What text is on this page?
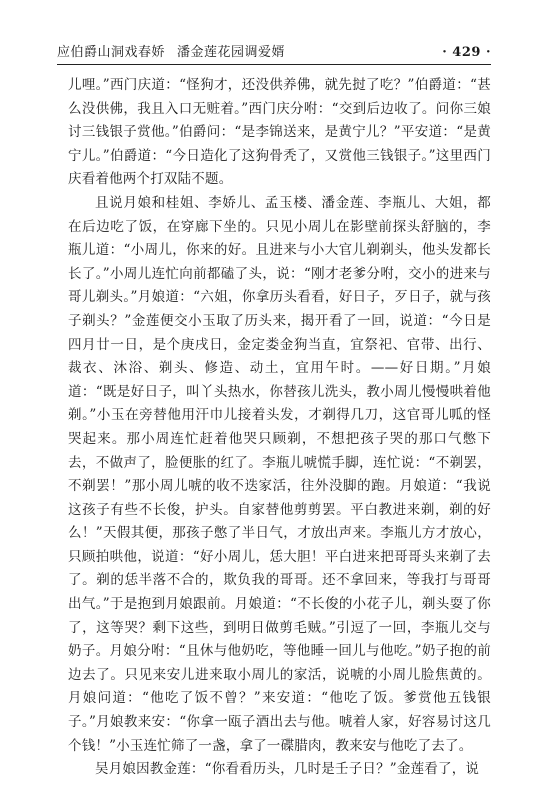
应伯爵山洞戏春娇 潘金莲花园调爱婿	· 429 ·

儿哩。”西门庆道：“怪狗才，还没供养佛，就先挝了吃？”伯爵道：“甚么没供佛，我且入口无赃着。”西门庆分咐：“交到后边收了。问你三娘讨三钱银子赏他。”伯爵问：“是李锦送来，是黄宁儿？”平安道：“是黄宁儿。”伯爵道：“今日造化了这狗骨秃了，又赏他三钱银子。”这里西门庆看着他两个打双陆不题。

且说月娘和桂姐、李娇儿、孟玉楼、潘金莲、李瓶儿、大姐，都在后边吃了饭，在穿廊下坐的。只见小周儿在影壁前探头舒脑的，李瓶儿道：“小周儿，你来的好。且进来与小大官儿剃剃头，他头发都长长了。”小周儿连忙向前都磕了头，说：“刚才老爹分咐，交小的进来与哥儿剃头。”月娘道：“六姐，你拿历头看看，好日子，歹日子，就与孩子剃头？”金莲便交小玉取了历头来，揭开看了一回，说道：“今日是四月廿一日，是个庚戌日，金定娄金狗当直，宜祭祀、官带、出行、裁衣、沐浴、剃头、修造、动土，宜用午时。——好日期。”月娘道：“既是好日子，叫丫头热水，你替孩儿洗头，教小周儿慢慢哄着他剃。”小玉在旁替他用汗巾儿接着头发，才剃得几刀，这官哥儿呱的怪哭起来。那小周连忙赶着他哭只顾剃，不想把孩子哭的那口气憋下去，不做声了，脸便胀的红了。李瓶儿唬慌手脚，连忙说：“不剃罢，不剃罢！”那小周儿唬的收不迭家活，往外没脚的跑。月娘道：“我说这孩子有些不长俊，护头。自家替他剪剪罢。平白教进来剃，剃的好么！”天假其便，那孩子憋了半日气，才放出声来。李瓶儿方才放心，只顾拍哄他，说道：“好小周儿，恁大胆！平白进来把哥哥头来剃了去了。剃的恁半落不合的，欺负我的哥哥。还不拿回来，等我打与哥哥出气。”于是抱到月娘跟前。月娘道：“不长俊的小花子儿，剃头耍了你了，这等哭？剩下这些，到明日做剪毛贼。”引逗了一回，李瓶儿交与奶子。月娘分咐：“且休与他奶吃，等他睡一回儿与他吃。”奶子抱的前边去了。只见来安儿进来取小周儿的家活，说唬的小周儿脸焦黄的。月娘问道：“他吃了饭不曾？”来安道：“他吃了饭。爹赏他五钱银子。”月娘教来安：“你拿一瓯子酒出去与他。唬着人家，好容易讨这几个钱！”小玉连忙筛了一盏，拿了一碟腊肉，教来安与他吃了去了。

吴月娘因教金莲：“你看看历头，几时是壬子日？”金莲看了，说
